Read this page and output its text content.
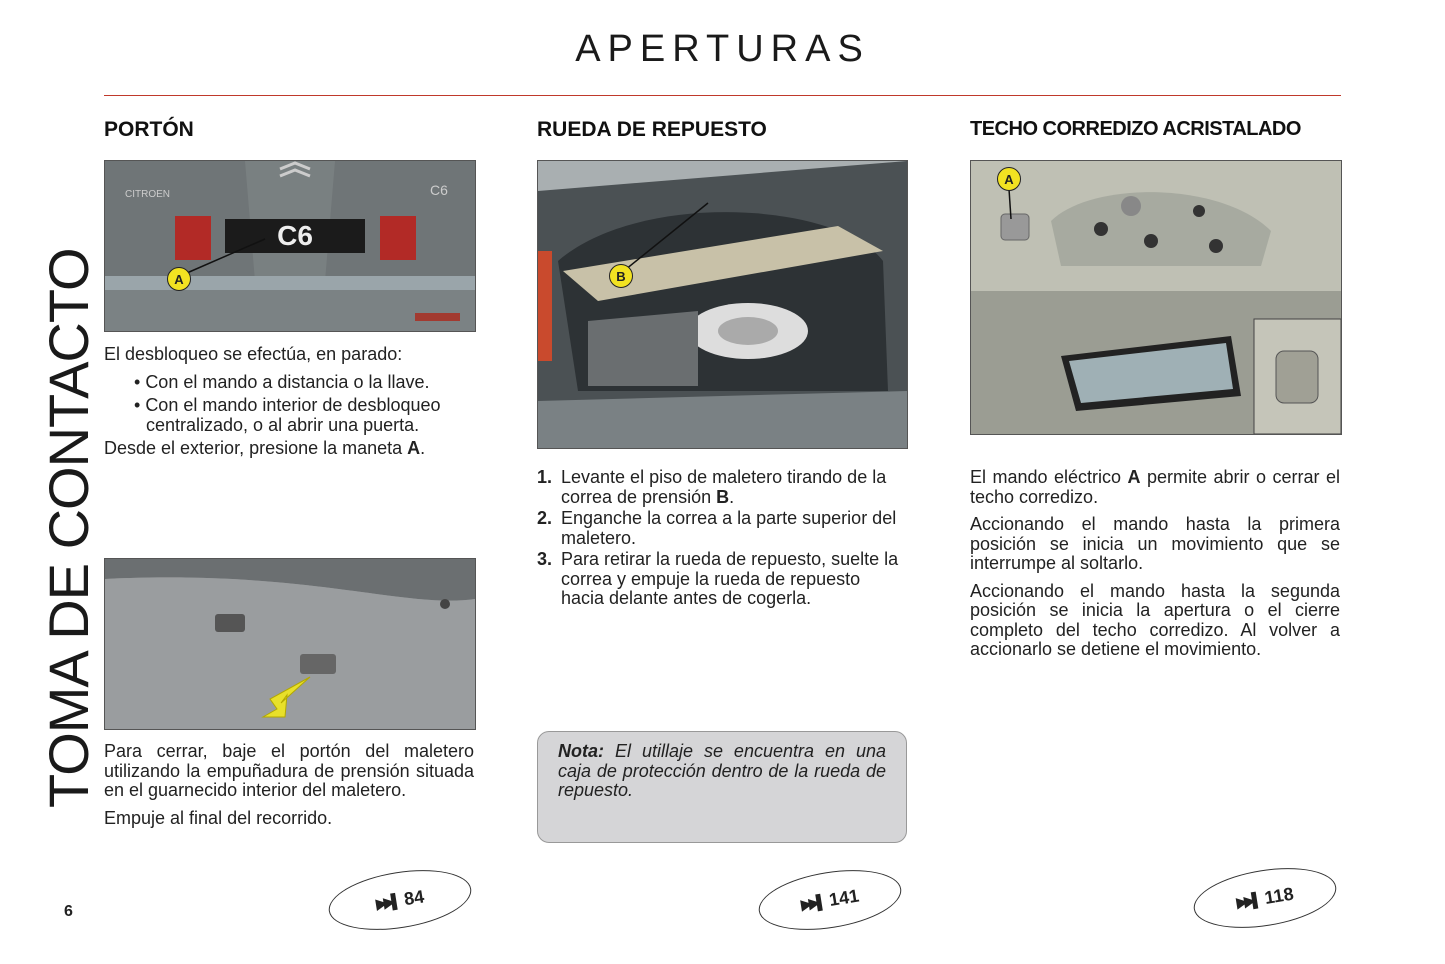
APERTURAS
TOMA DE CONTACTO
PORTÓN
C6
CITROEN	C6
A

El desbloqueo se efectúa, en parado:

• Con el mando a distancia o la llave.

• Con el mando interior de desbloqueo centralizado, o al abrir una puerta.

Desde el exterior, presione la maneta A.

Para cerrar, baje el portón del maletero utilizando la empuñadura de prensión situada en el guarnecido interior del maletero.

Empuje al final del recorrido.

RUEDA DE REPUESTO
B
1. Levante el piso de maletero tirando de la correa de prensión B.
2. Enganche la correa a la parte superior del maletero.
3. Para retirar la rueda de repuesto, suelte la correa y empuje la rueda de repuesto hacia delante antes de cogerla.
Nota: El utillaje se encuentra en una caja de protección dentro de la rueda de repuesto.
TECHO CORREDIZO ACRISTALADO
A

El mando eléctrico A permite abrir o cerrar el techo corredizo.

Accionando el mando hasta la primera posición se inicia un movimiento que se interrumpe al soltarlo.

Accionando el mando hasta la segunda posición se inicia la apertura o el cierre completo del techo corredizo. Al volver a accionarlo se detiene el movimiento.

▶▶▌ 84	▶▶▌ 141	▶▶▌ 118
6
